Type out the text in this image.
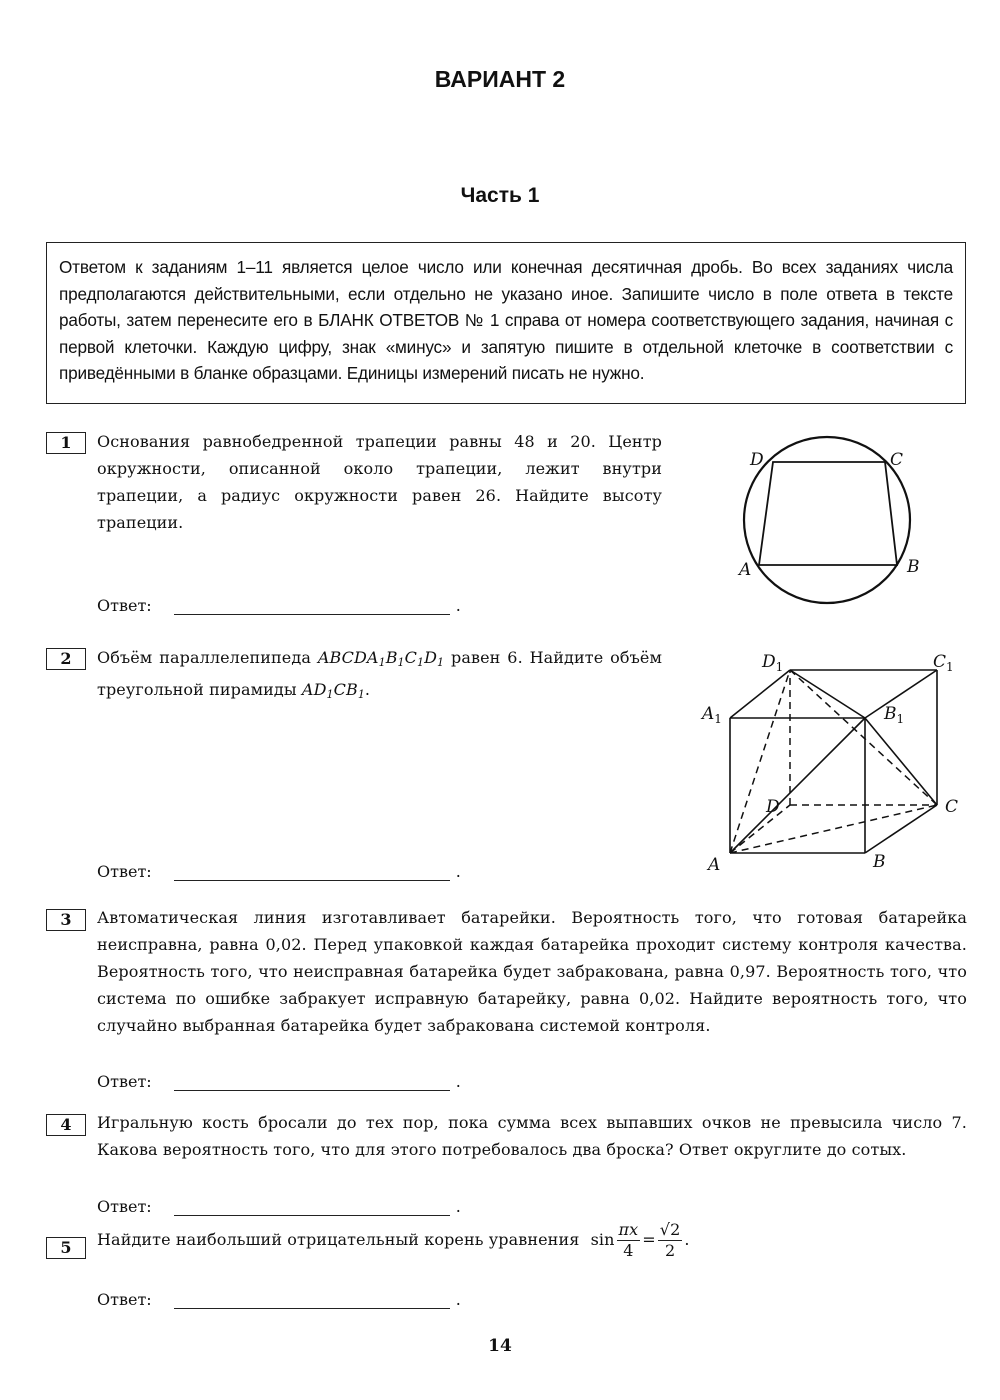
ВАРИАНТ 2
Часть 1
Ответом к заданиям 1–11 является целое число или конечная десятичная дробь. Во всех заданиях числа предполагаются действительными, если отдельно не указано иное. Запишите число в поле ответа в тексте работы, затем перенесите его в БЛАНК ОТВЕТОВ № 1 справа от номера соответствующего задания, начиная с первой клеточки. Каждую цифру, знак «минус» и запятую пишите в отдельной клеточке в соответствии с приведёнными в бланке образцами. Единицы измерений писать не нужно.
1	Основания равнобедренной трапеции равны 48 и 20. Центр окружности, описанной около трапеции, лежит внутри трапеции, а радиус окружности равен 26. Найдите высоту трапеции.
A	B
C
D
Ответ:	.
2	Объём параллелепипеда $ABCDA_1B_1C_1D_1$ равен 6. Найдите объём треугольной пирамиды $AD_1CB_1$.
A	B
C
D
$A_1$	$B_1$
$C_1$
$D_1$
Ответ:	.
3	Автоматическая линия изготавливает батарейки. Вероятность того, что готовая батарейка неисправна, равна 0,02. Перед упаковкой каждая батарейка проходит систему контроля качества. Вероятность того, что неисправная батарейка будет забракована, равна 0,97. Вероятность того, что система по ошибке забракует исправную батарейку, равна 0,02. Найдите вероятность того, что случайно выбранная батарейка будет забракована системой контроля.
Ответ:	.
4	Игральную кость бросали до тех пор, пока сумма всех выпавших очков не превысила число 7. Какова вероятность того, что для этого потребовалось два броска? Ответ округлите до сотых.
Ответ:	.
5	Найдите наибольший отрицательный корень уравнения $\sin \frac{\pi x}{4} = \frac{√2}{2}$ .
Ответ:	.
14
